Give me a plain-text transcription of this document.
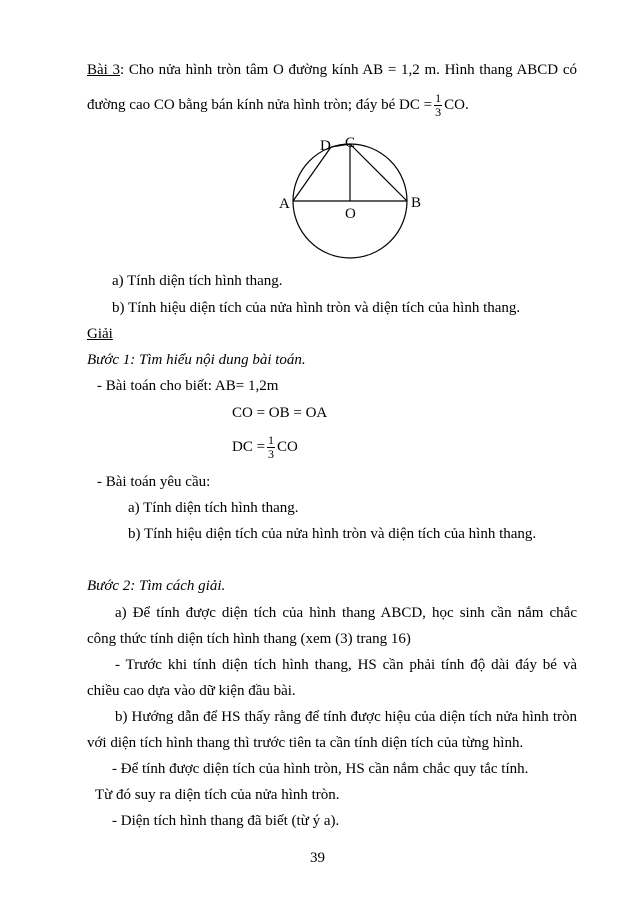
Bài 3: Cho nửa hình tròn tâm O đường kính AB = 1,2 m. Hình thang ABCD có
đường cao CO bằng bán kính nửa hình tròn; đáy bé DC = $\frac{1}{3}$ CO.
D C
A	B
O
a) Tính diện tích hình thang.
b) Tính hiệu diện tích của nửa hình tròn và diện tích của hình thang.
Giải
Bước 1: Tìm hiểu nội dung bài toán.
- Bài toán cho biết: AB= 1,2m
CO = OB = OA
DC = $\frac{1}{3}$ CO
- Bài toán yêu cầu:
a) Tính diện tích hình thang.
b) Tính hiệu diện tích của nửa hình tròn và diện tích của hình thang.
Bước 2: Tìm cách giải.
a) Để tính được diện tích của hình thang ABCD, học sinh cần nắm chắc
công thức tính diện tích hình thang (xem (3) trang 16)
- Trước khi tính diện tích hình thang, HS cần phải tính độ dài đáy bé và
chiều cao dựa vào dữ kiện đầu bài.
b) Hướng dẫn để HS thấy rằng để tính được hiệu của diện tích nửa hình tròn
với diện tích hình thang thì trước tiên ta cần tính diện tích của từng hình.
- Để tính được diện tích của hình tròn, HS cần nắm chắc quy tắc tính.
Từ đó suy ra diện tích của nửa hình tròn.
- Diện tích hình thang đã biết (từ ý a).
39
